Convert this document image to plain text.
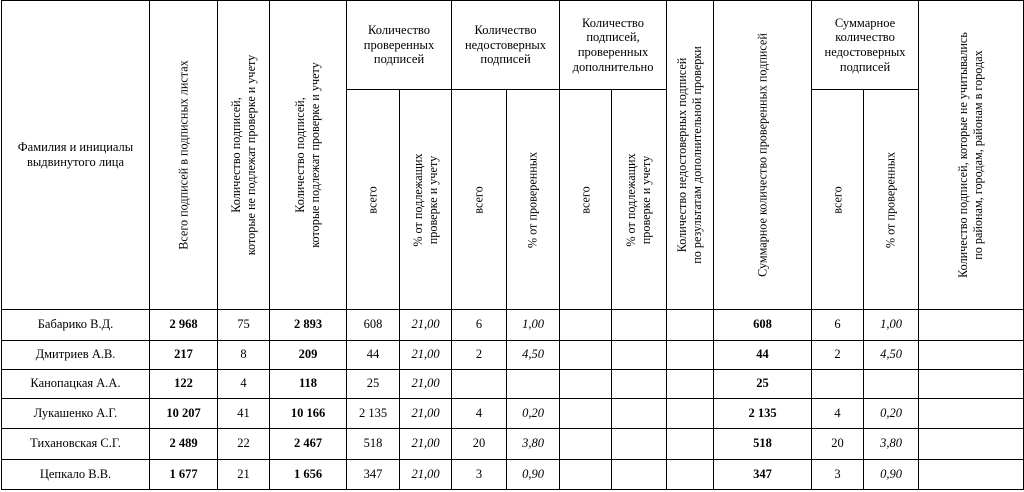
Фамилия и инициалы выдвинутого лица	Всего подписей в подписных листах	Количество подписей, которые не подлежат проверке и учету	Количество подписей, которые подлежат проверке и учету	Количество проверенных подписей		Количество недостоверных подписей		Количество подписей, проверенных дополнительно		Количество недостоверных подписей по результатам дополнительной проверки	Суммарное количество проверенных подписей	Суммарное количество недостоверных подписей		Количество подписей, которые не учитывались по районам, городам, районам в городах

				всего	% от подлежащих проверке и учету	всего	% от проверенных	всего	% от подлежащих проверке и учету			всего	% от проверенных		

Бабарико В.Д.	2 968	75	2 893	608	21,00	6	1,00				608	6	1,00		
Дмитриев А.В.	217	8	209	44	21,00	2	4,50				44	2	4,50		
Канопацкая А.А.	122	4	118	25	21,00						25				
Лукашенко А.Г.	10 207	41	10 166	2 135	21,00	4	0,20				2 135	4	0,20		
Тихановская С.Г.	2 489	22	2 467	518	21,00	20	3,80				518	20	3,80		
Цепкало В.В.	1 677	21	1 656	347	21,00	3	0,90				347	3	0,90		
